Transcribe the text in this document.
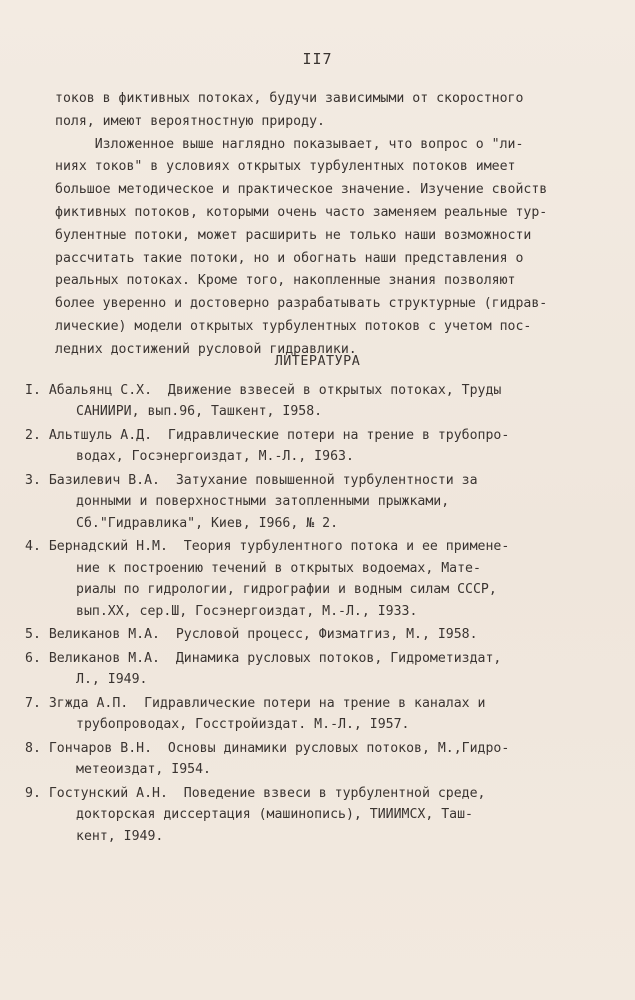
II7
токов в фиктивных потоках, будучи зависимыми от скоростного
поля, имеют вероятностную природу.
Изложенное выше наглядно показывает, что вопрос о "ли-
ниях токов" в условиях открытых турбулентных потоков имеет
большое методическое и практическое значение. Изучение свойств
фиктивных потоков, которыми очень часто заменяем реальные тур-
булентные потоки, может расширить не только наши возможности
рассчитать такие потоки, но и обогнать наши представления о
реальных потоках. Кроме того, накопленные знания позволяют
более уверенно и достоверно разрабатывать структурные (гидрав-
лические) модели открытых турбулентных потоков с учетом пос-
ледних достижений русловой гидравлики.
ЛИТЕРАТУРА
I. Абальянц С.Х.  Движение взвесей в открытых потоках, Труды
САНИИРИ, вып.96, Ташкент, I958.
2. Альтшуль А.Д.  Гидравлические потери на трение в трубопро-
водах, Госэнергоиздат, М.-Л., I963.
3. Базилевич В.А.  Затухание повышенной турбулентности за
донными и поверхностными затопленными прыжками,
Сб."Гидравлика", Киев, I966, № 2.
4. Бернадский Н.М.  Теория турбулентного потока и ее примене-
ние к построению течений в открытых водоемах, Мате-
риалы по гидрологии, гидрографии и водным силам СССР,
вып.XX, сер.Ш, Госэнергоиздат, М.-Л., I933.
5. Великанов М.А.  Русловой процесс, Физматгиз, М., I958.
6. Великанов М.А.  Динамика русловых потоков, Гидрометиздат,
Л., I949.
7. Згжда А.П.  Гидравлические потери на трение в каналах и
трубопроводах, Госстройиздат. М.-Л., I957.
8. Гончаров В.Н.  Основы динамики русловых потоков, М.,Гидро-
метеоиздат, I954.
9. Гостунский А.Н.  Поведение взвеси в турбулентной среде,
докторская диссертация (машинопись), ТИИИМСХ, Таш-
кент, I949.
